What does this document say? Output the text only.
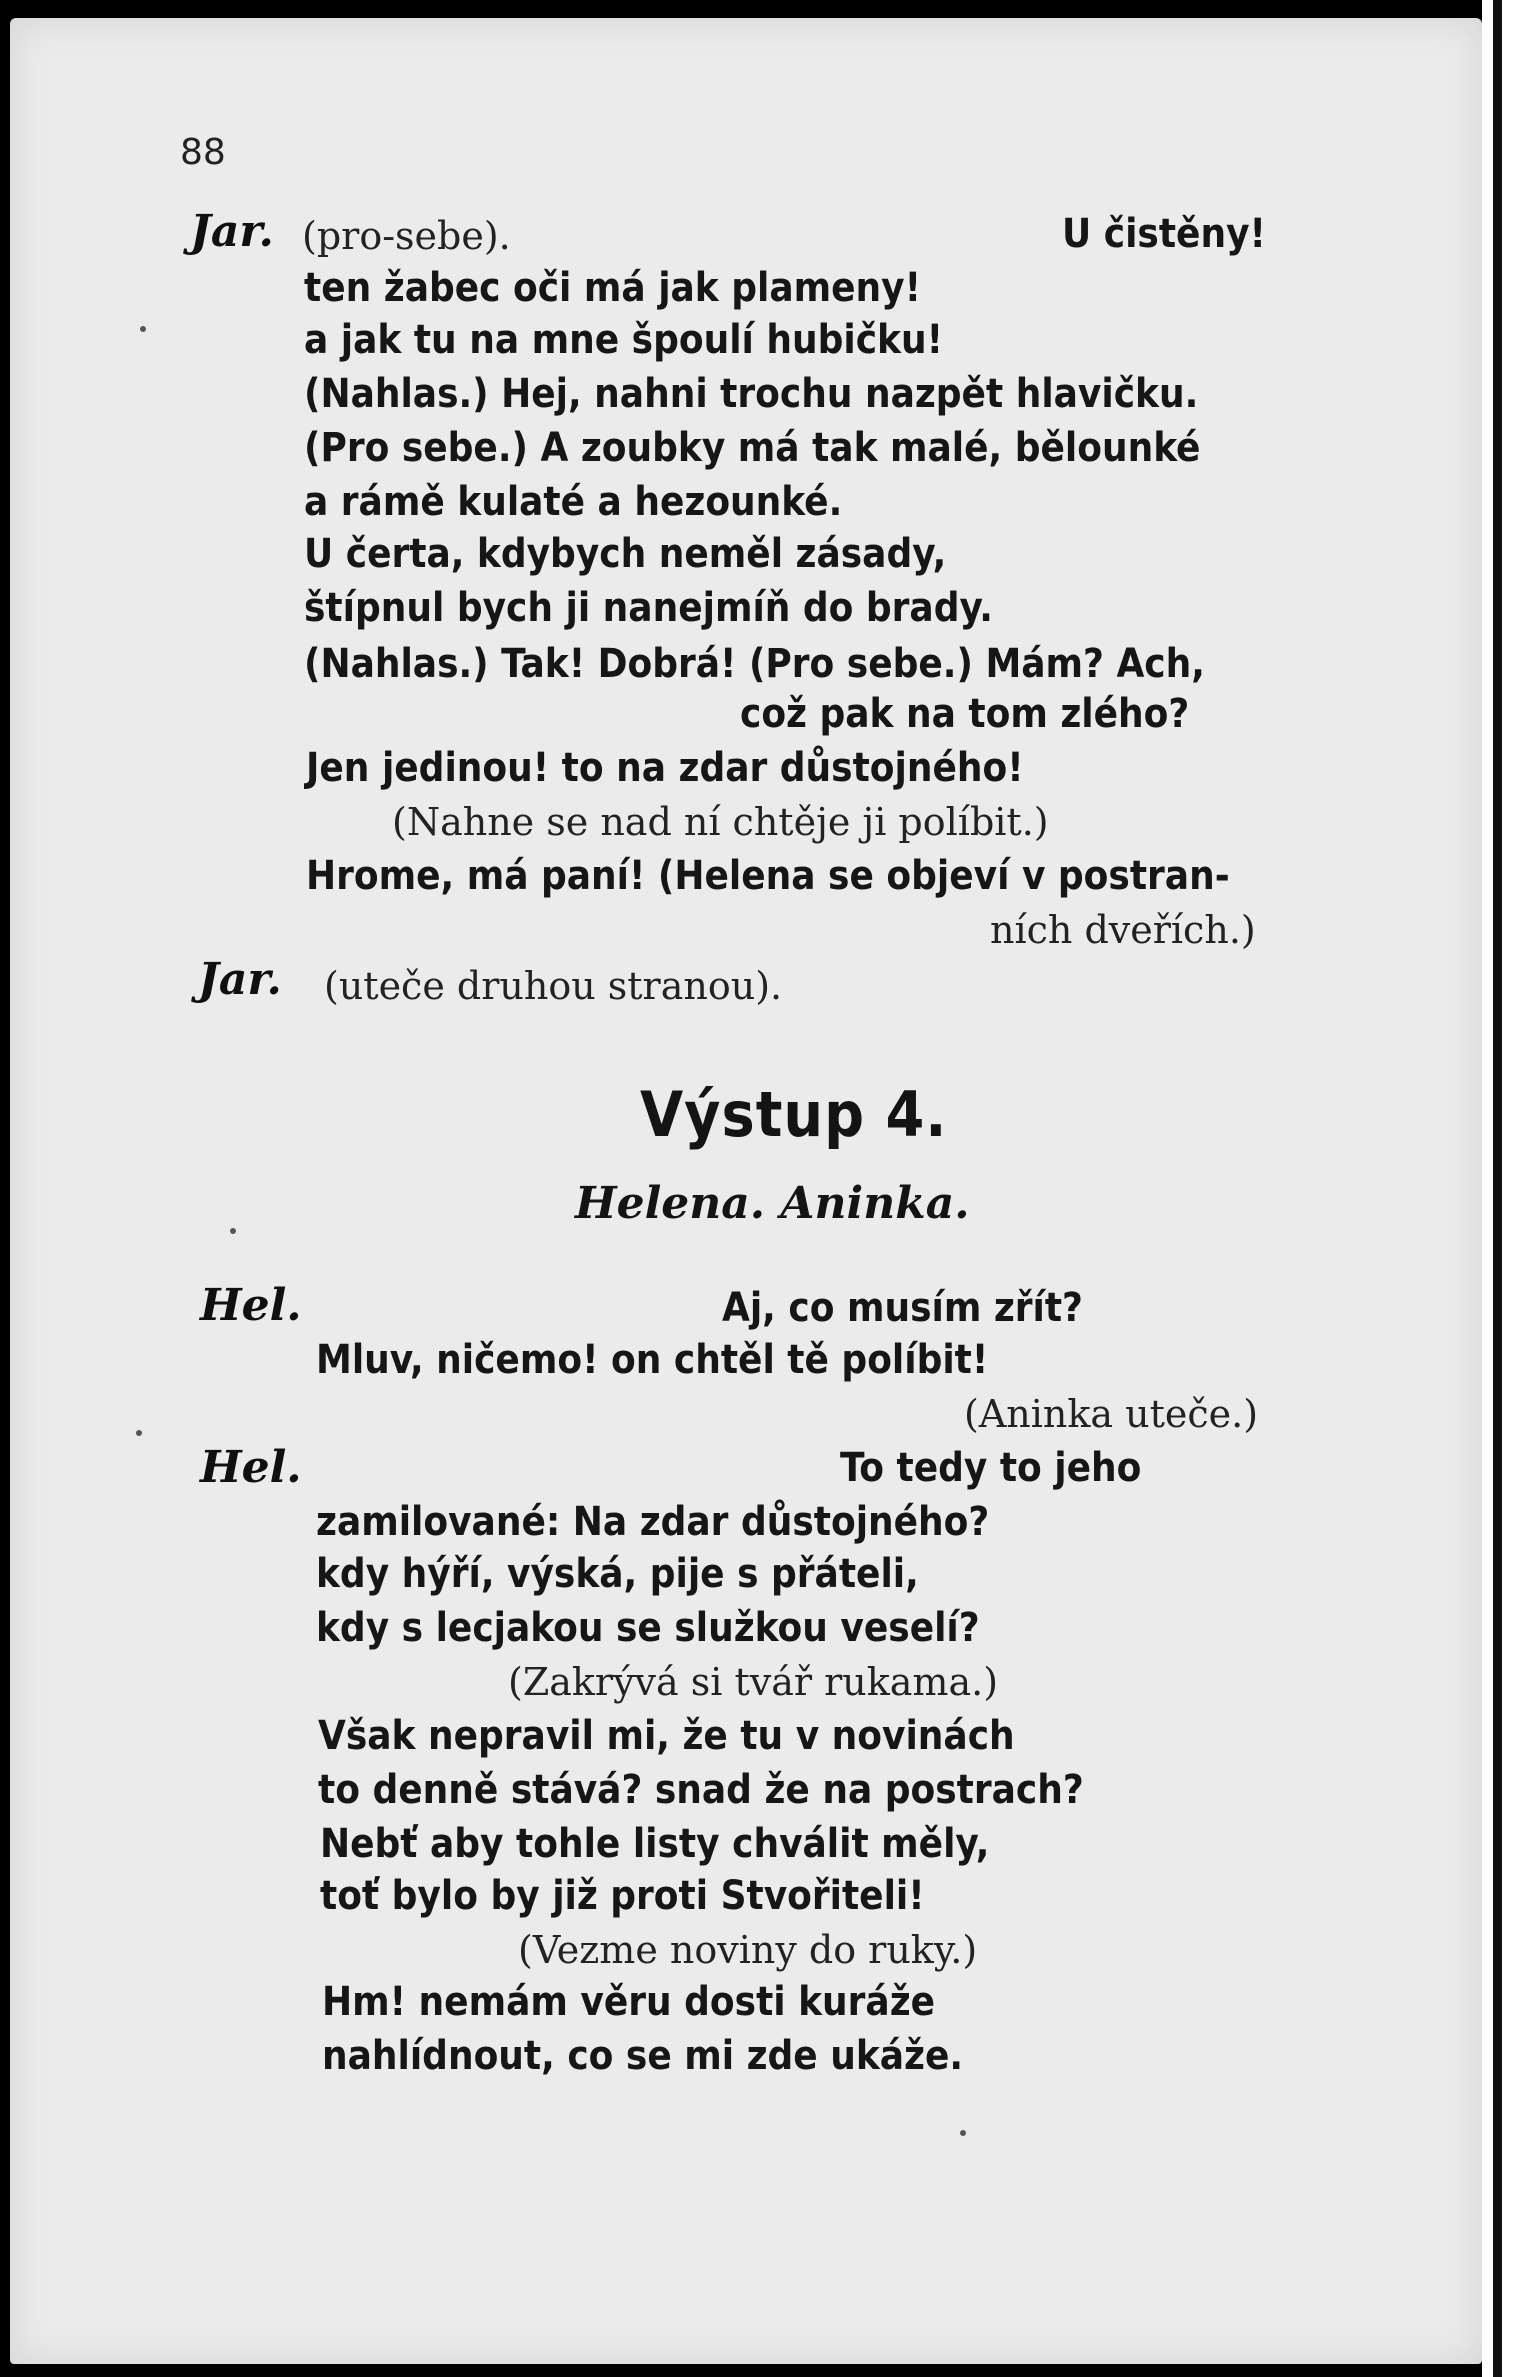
88
Jar. (pro-sebe).	U čistěny!
ten žabec oči má jak plameny!
a jak tu na mne špoulí hubičku!
(Nahlas.) Hej, nahni trochu nazpět hlavičku.
(Pro sebe.) A zoubky má tak malé, bělounké
a rámě kulaté a hezounké.
U čerta, kdybych neměl zásady,
štípnul bych ji nanejmíň do brady.
(Nahlas.) Tak! Dobrá! (Pro sebe.) Mám? Ach,
což pak na tom zlého?
Jen jedinou! to na zdar důstojného!
(Nahne se nad ní chtěje ji políbit.)
Hrome, má paní! (Helena se objeví v postran-
ních dveřích.)
Jar. (uteče druhou stranou).
Výstup 4.
Helena. Aninka.
Hel.	Aj, co musím zřít?
Mluv, ničemo! on chtěl tě políbit!
(Aninka uteče.)
Hel.	To tedy to jeho
zamilované: Na zdar důstojného?
kdy hýří, výská, pije s přáteli,
kdy s lecjakou se služkou veselí?
(Zakrývá si tvář rukama.)
Však nepravil mi, že tu v novinách
to denně stává? snad že na postrach?
Nebť aby tohle listy chválit měly,
toť bylo by již proti Stvořiteli!
(Vezme noviny do ruky.)
Hm! nemám věru dosti kuráže
nahlídnout, co se mi zde ukáže.
